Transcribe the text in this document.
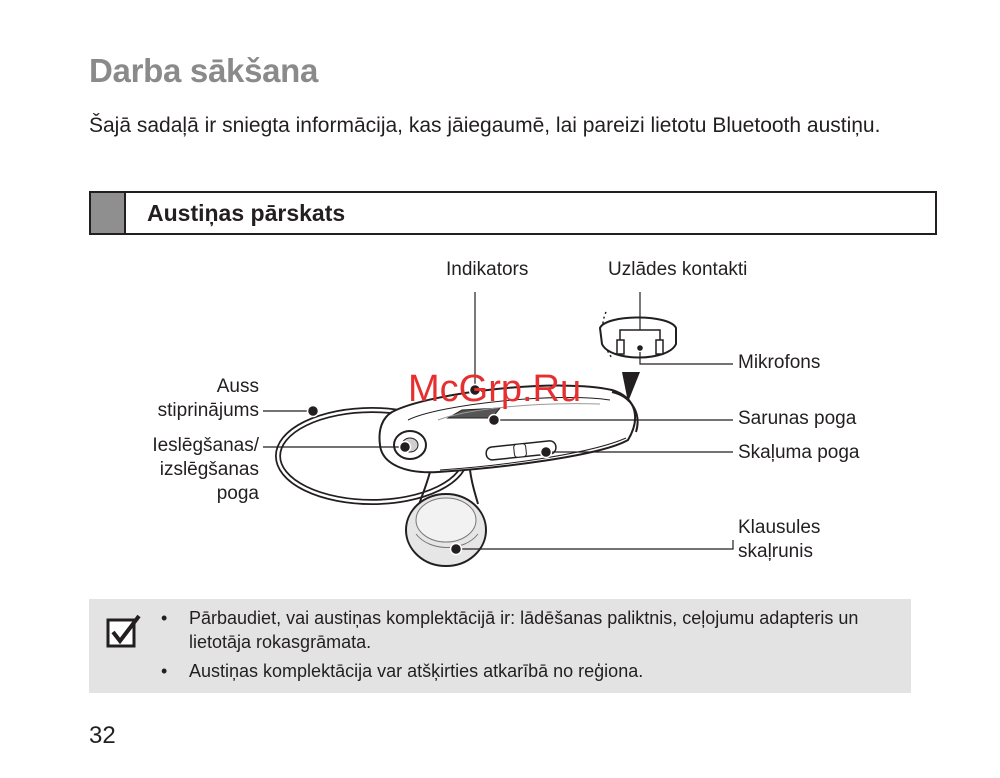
Darba sākšana

Šajā sadaļā ir sniegta informācija, kas jāiegaumē, lai pareizi lietotu Bluetooth austiņu.

Austiņas pārskats
Indikators	Uzlādes kontakti
Mikrofons
Auss
stiprinājums	Sarunas poga
Ieslēgšanas/
izslēgšanas
poga
Skaļuma poga
Klausules
skaļrunis
McGrp.Ru
• Pārbaudiet, vai austiņas komplektācijā ir: lādēšanas paliktnis, ceļojumu adapteris un lietotāja rokasgrāmata.
• Austiņas komplektācija var atšķirties atkarībā no reģiona.
32
